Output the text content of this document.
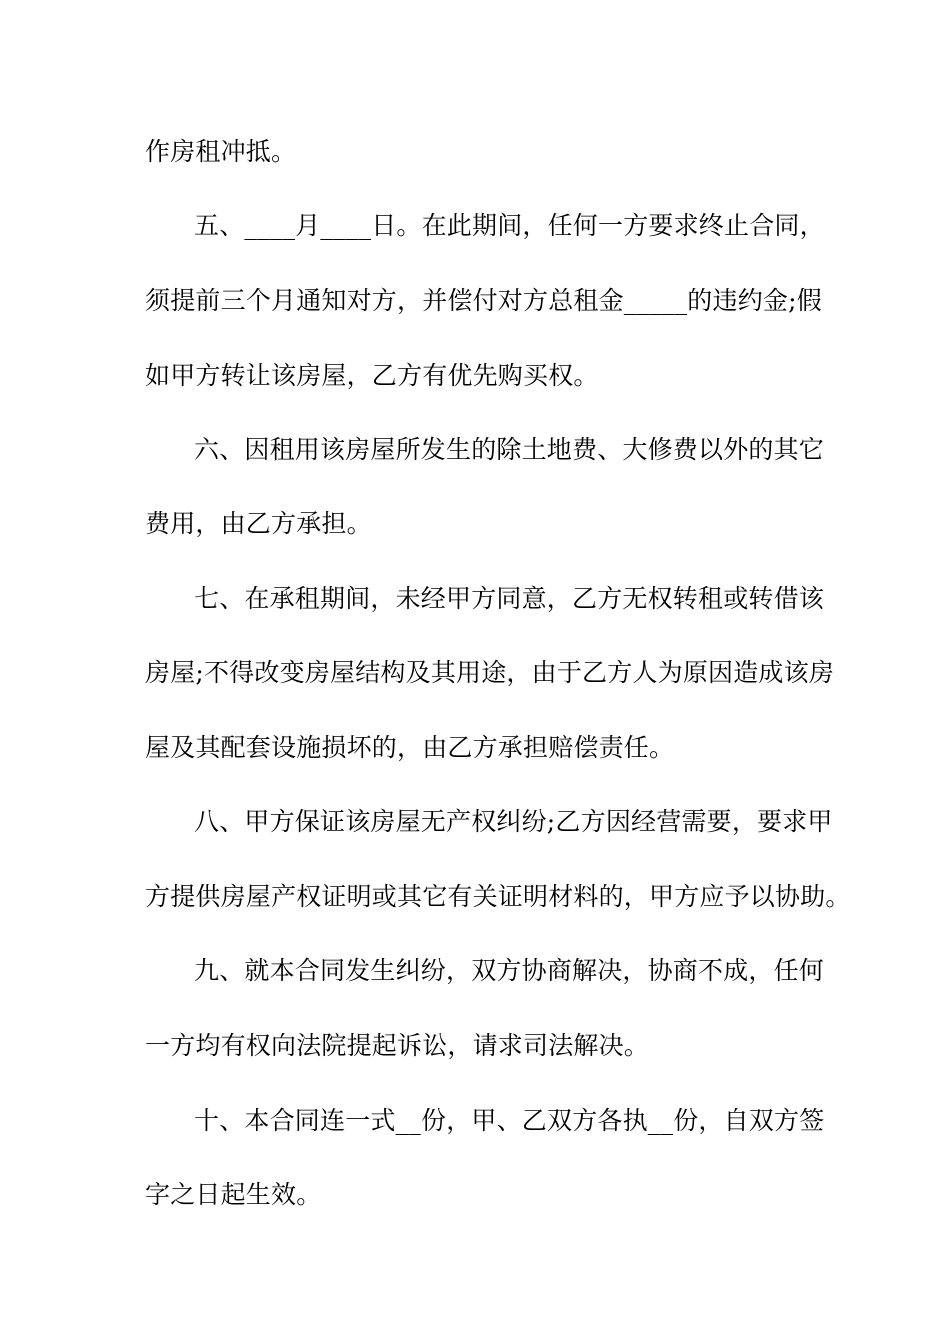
作房租冲抵。
五、____月____日。在此期间，任何一方要求终止合同，
须提前三个月通知对方，并偿付对方总租金_____的违约金;假
如甲方转让该房屋，乙方有优先购买权。
六、因租用该房屋所发生的除土地费、大修费以外的其它
费用，由乙方承担。
七、在承租期间，未经甲方同意，乙方无权转租或转借该
房屋;不得改变房屋结构及其用途，由于乙方人为原因造成该房
屋及其配套设施损坏的，由乙方承担赔偿责任。
八、甲方保证该房屋无产权纠纷;乙方因经营需要，要求甲
方提供房屋产权证明或其它有关证明材料的，甲方应予以协助。
九、就本合同发生纠纷，双方协商解决，协商不成，任何
一方均有权向法院提起诉讼，请求司法解决。
十、本合同连一式__份，甲、乙双方各执__份，自双方签
字之日起生效。
